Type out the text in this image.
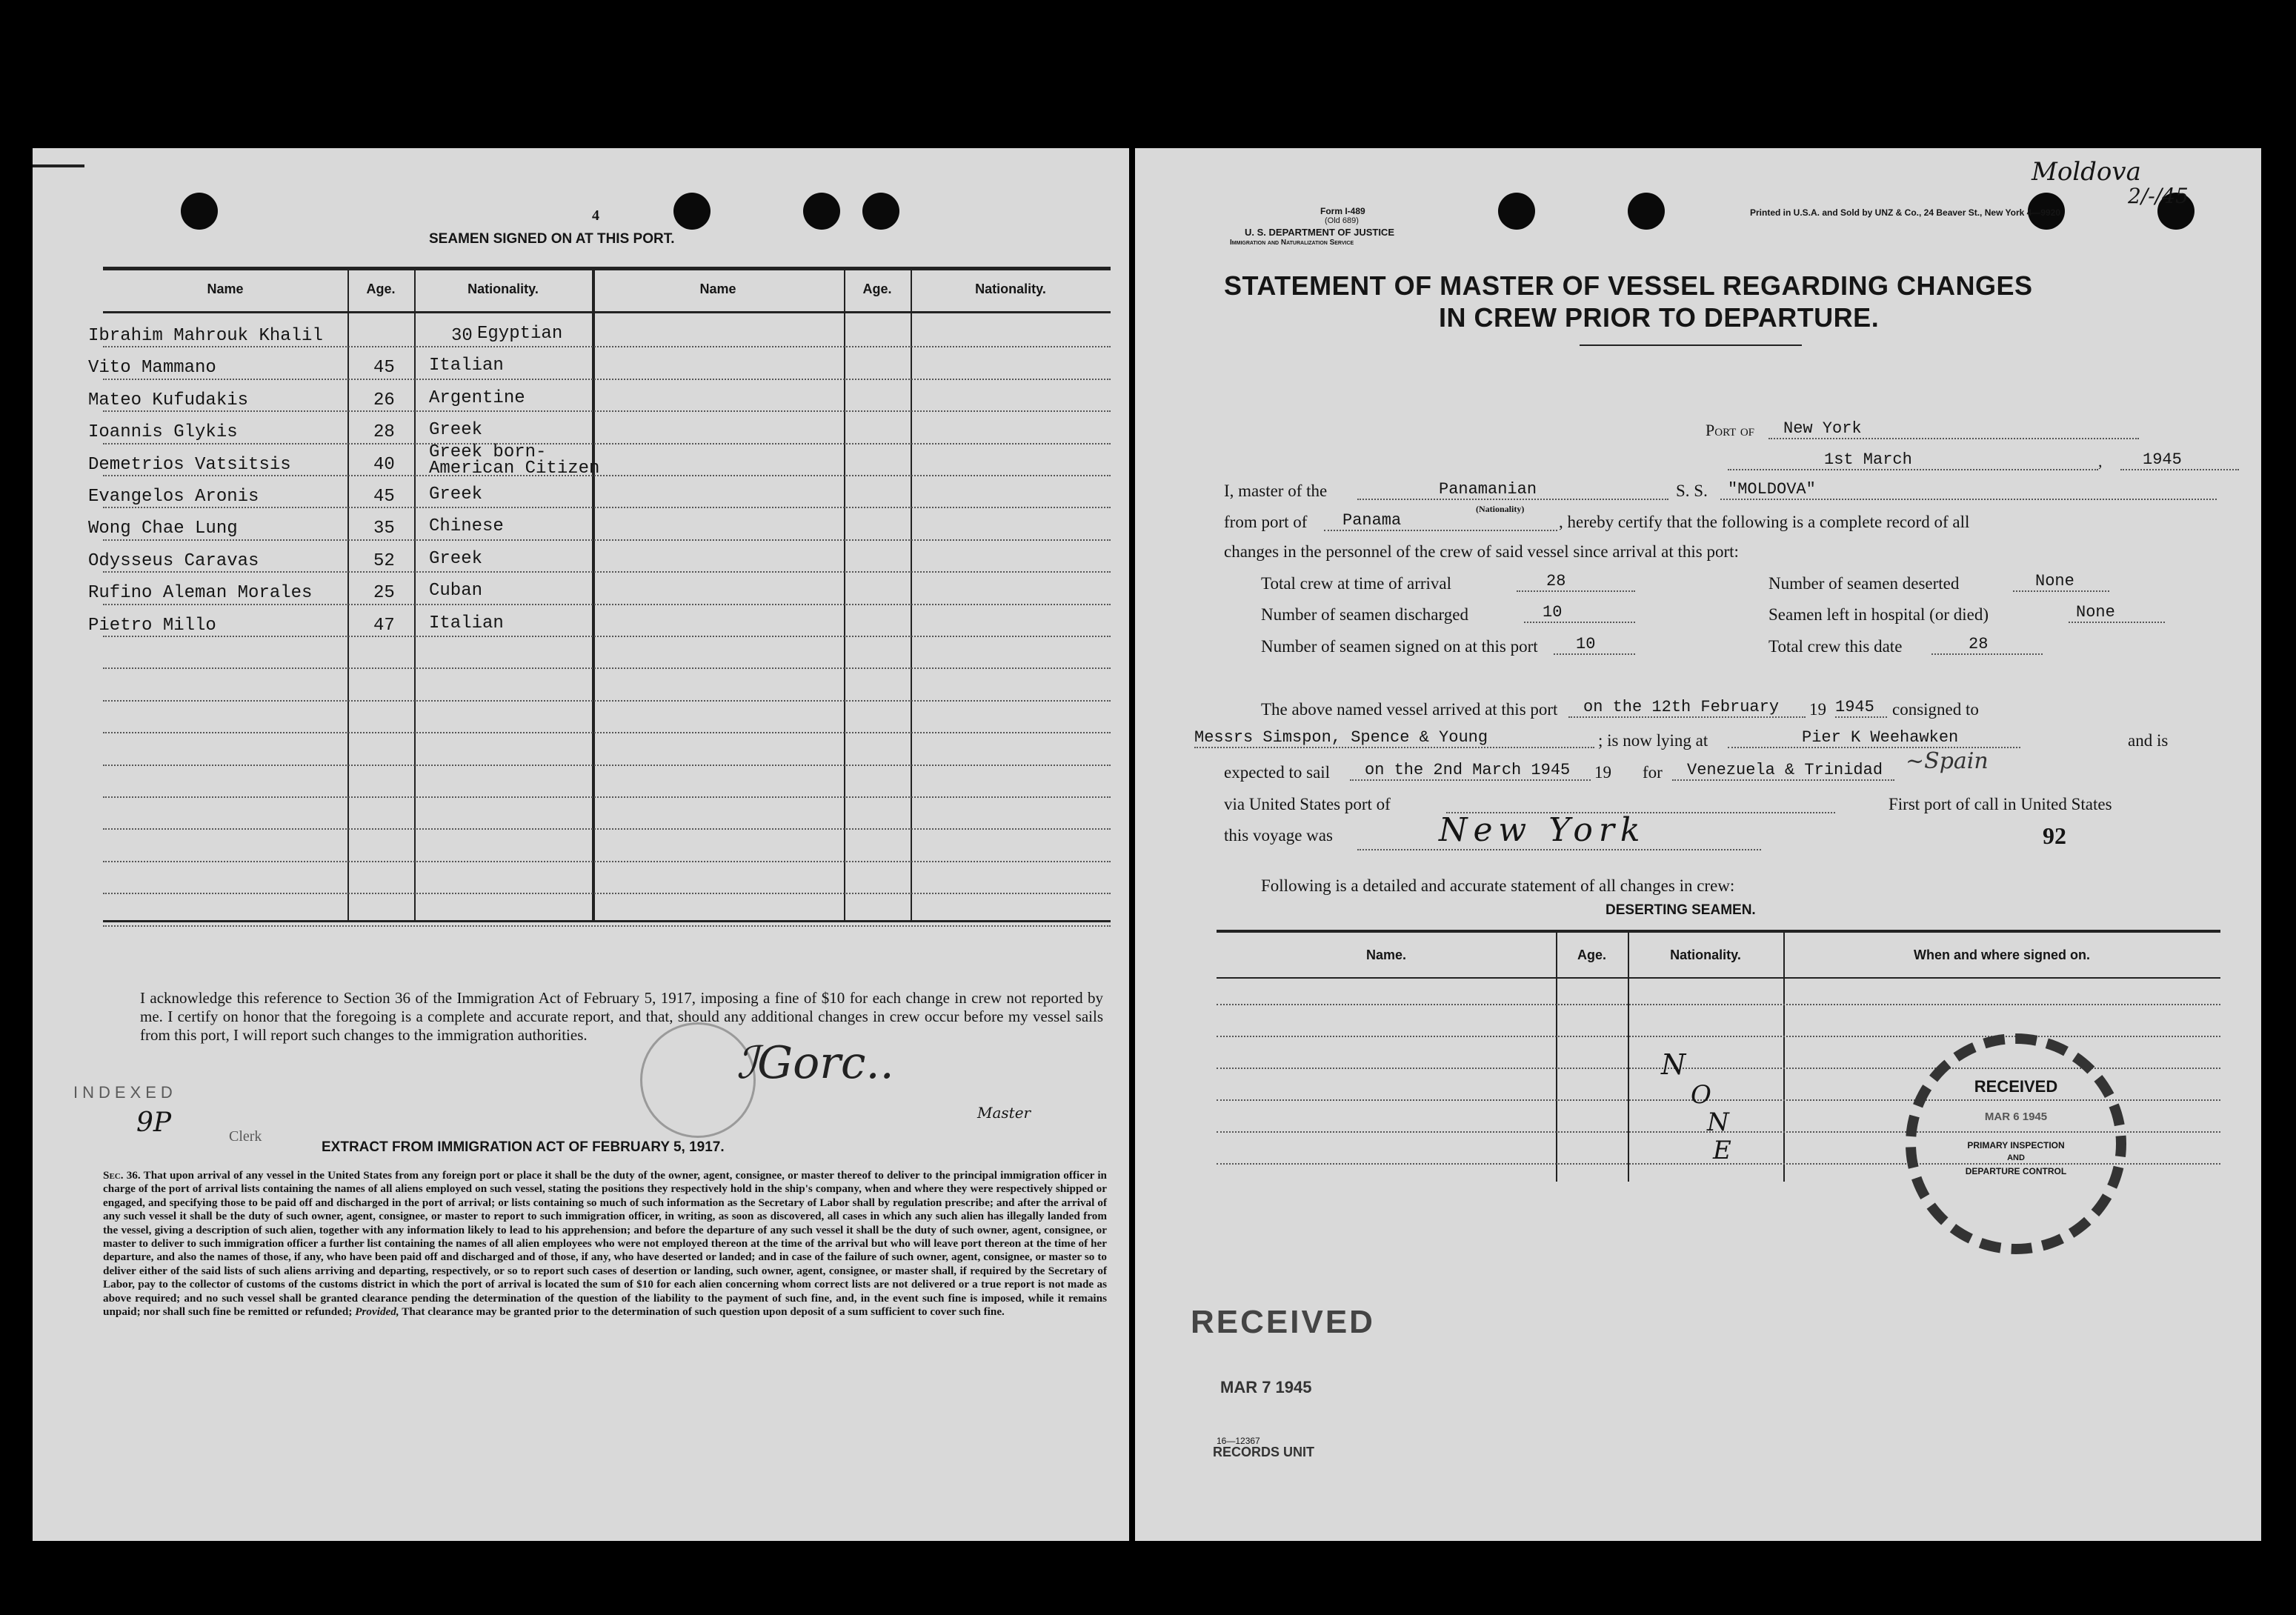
4
SEAMEN SIGNED ON AT THIS PORT.
Name	Age.	Nationality.	Name	Age.	Nationality.
Ibrahim Mahrouk Khalil	30 Egyptian
Vito Mammano	45 Italian
Mateo Kufudakis	26 Argentine
Ioannis Glykis	28 Greek
Demetrios Vatsitsis	40
Greek born- American Citizen
Evangelos Aronis	45 Greek
Wong Chae Lung	35 Chinese
Odysseus Caravas	52 Greek
Rufino Aleman Morales	25 Cuban
Pietro Millo	47 Italian
I acknowledge this reference to Section 36 of the Immigration Act of February 5, 1917, imposing a fine of $10 for each change in crew not reported by me. I certify on honor that the foregoing is a complete and accurate report, and that, should any additional changes in crew occur before my vessel sails from this port, I will report such changes to the immigration authorities.
INDEXED
9P	Clerk
ℐGorc..
Master
EXTRACT FROM IMMIGRATION ACT OF FEBRUARY 5, 1917.
Sec. 36. That upon arrival of any vessel in the United States from any foreign port or place it shall be the duty of the owner, agent, consignee, or master thereof to deliver to the principal immigration officer in charge of the port of arrival lists containing the names of all aliens employed on such vessel, stating the positions they respectively hold in the ship's company, when and where they were respectively shipped or engaged, and specifying those to be paid off and discharged in the port of arrival; or lists containing so much of such information as the Secretary of Labor shall by regulation prescribe; and after the arrival of any such vessel it shall be the duty of such owner, agent, consignee, or master to report to such immigration officer, in writing, as soon as discovered, all cases in which any such alien has illegally landed from the vessel, giving a description of such alien, together with any information likely to lead to his apprehension; and before the departure of any such vessel it shall be the duty of such owner, agent, consignee, or master to deliver to such immigration officer a further list containing the names of all alien employees who were not employed thereon at the time of the arrival but who will leave port thereon at the time of her departure, and also the names of those, if any, who have been paid off and discharged and of those, if any, who have deserted or landed; and in case of the failure of such owner, agent, consignee, or master so to deliver either of the said lists of such aliens arriving and departing, respectively, or so to report such cases of desertion or landing, such owner, agent, consignee, or master shall, if required by the Secretary of Labor, pay to the collector of customs of the customs district in which the port of arrival is located the sum of $10 for each alien concerning whom correct lists are not delivered or a true report is not made as above required; and no such vessel shall be granted clearance pending the determination of the question of the liability to the payment of such fine, and, in the event such fine is imposed, while it remains unpaid; nor shall such fine be remitted or refunded; Provided, That clearance may be granted prior to the determination of such question upon deposit of a sum sufficient to cover such fine.
Form I-489
(Old 689)
U. S. DEPARTMENT OF JUSTICE
Immigration and Naturalization Service
Printed in U.S.A. and Sold by UNZ & Co., 24 Beaver St., New York 4—9920
Moldova
2/-/45
STATEMENT OF MASTER OF VESSEL REGARDING CHANGES
IN CREW PRIOR TO DEPARTURE.
Port of	New York
1st March	,	1945
I, master of the	Panamanian
(Nationality)
S. S.	"MOLDOVA"
from port of	Panama	, hereby certify that the following is a complete record of all
changes in the personnel of the crew of said vessel since arrival at this port:
Total crew at time of arrival	28	Number of seamen deserted	None
Number of seamen discharged	10	Seamen left in hospital (or died)	None
Number of seamen signed on at this port	10	Total crew this date	28
The above named vessel arrived at this port	on the 12th February	19 1945	consigned to
Messrs Simspon, Spence & Young	; is now lying at	Pier K Weehawken	and is
expected to sail	on the 2nd March 1945	19 for	Venezuela & Trinidad	~Spain
via United States port of	First port of call in United States
this voyage was	New York	92
Following is a detailed and accurate statement of all changes in crew:
DESERTING SEAMEN.
Name.	Age.	Nationality.	When and where signed on.
N
O
N
E
RECEIVED
MAR 6 1945
PRIMARY INSPECTION
AND
DEPARTURE CONTROL
RECEIVED
MAR 7 1945
16—12367
RECORDS UNIT
